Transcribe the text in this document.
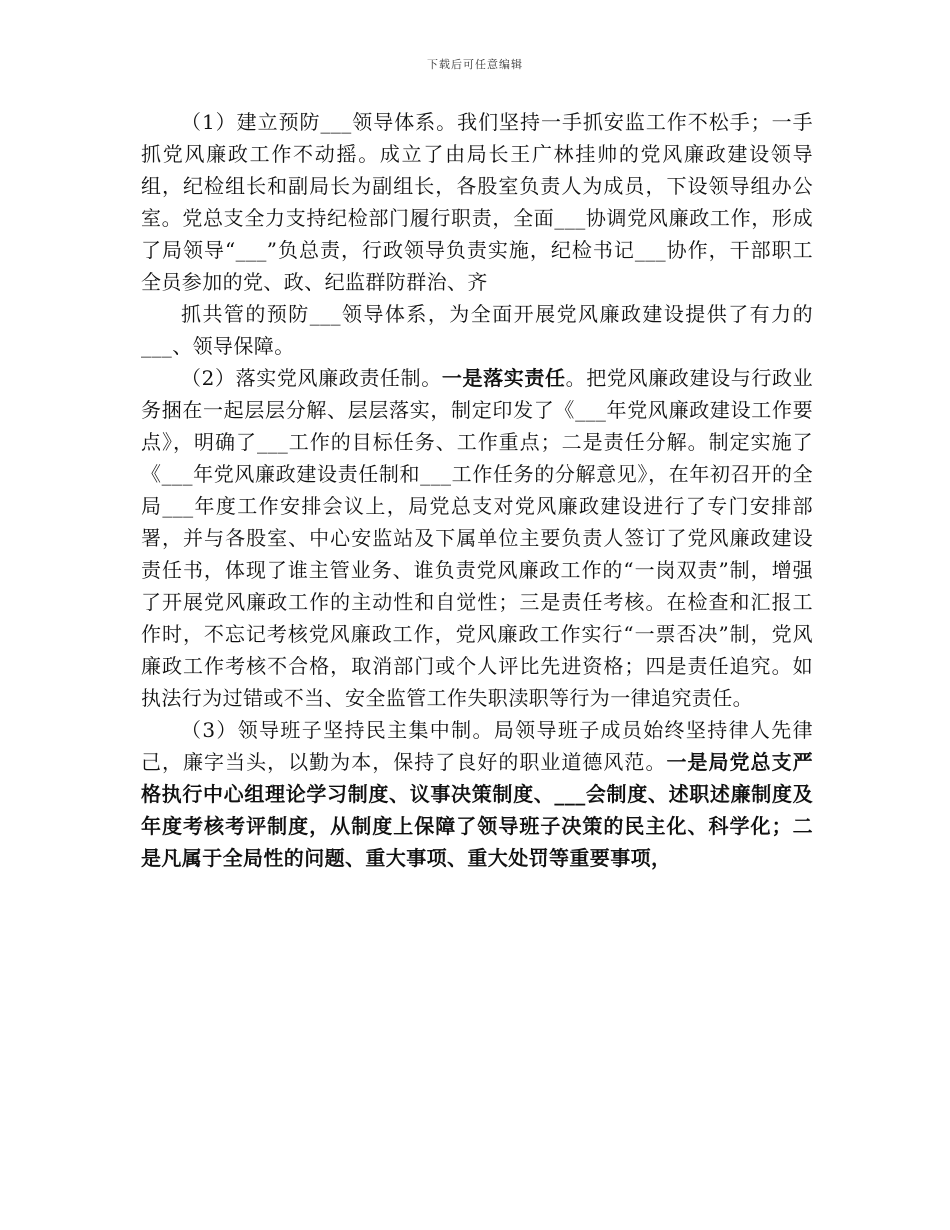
下载后可任意编辑

（1）建立预防___领导体系。我们坚持一手抓安监工作不松手；一手抓党风廉政工作不动摇。成立了由局长王广林挂帅的党风廉政建设领导组，纪检组长和副局长为副组长，各股室负责人为成员，下设领导组办公室。党总支全力支持纪检部门履行职责，全面___协调党风廉政工作，形成了局领导“___”负总责，行政领导负责实施，纪检书记___协作，干部职工全员参加的党、政、纪监群防群治、齐

抓共管的预防___领导体系，为全面开展党风廉政建设提供了有力的___、领导保障。

（2）落实党风廉政责任制。一是落实责任。把党风廉政建设与行政业务捆在一起层层分解、层层落实，制定印发了《___年党风廉政建设工作要点》，明确了___工作的目标任务、工作重点；二是责任分解。制定实施了《___年党风廉政建设责任制和___工作任务的分解意见》，在年初召开的全局___年度工作安排会议上，局党总支对党风廉政建设进行了专门安排部署，并与各股室、中心安监站及下属单位主要负责人签订了党风廉政建设责任书，体现了谁主管业务、谁负责党风廉政工作的“一岗双责”制，增强了开展党风廉政工作的主动性和自觉性；三是责任考核。在检查和汇报工作时，不忘记考核党风廉政工作，党风廉政工作实行“一票否决”制，党风廉政工作考核不合格，取消部门或个人评比先进资格；四是责任追究。如执法行为过错或不当、安全监管工作失职渎职等行为一律追究责任。

（3）领导班子坚持民主集中制。局领导班子成员始终坚持律人先律己，廉字当头，以勤为本，保持了良好的职业道德风范。一是局党总支严格执行中心组理论学习制度、议事决策制度、___会制度、述职述廉制度及年度考核考评制度，从制度上保障了领导班子决策的民主化、科学化；二是凡属于全局性的问题、重大事项、重大处罚等重要事项，
